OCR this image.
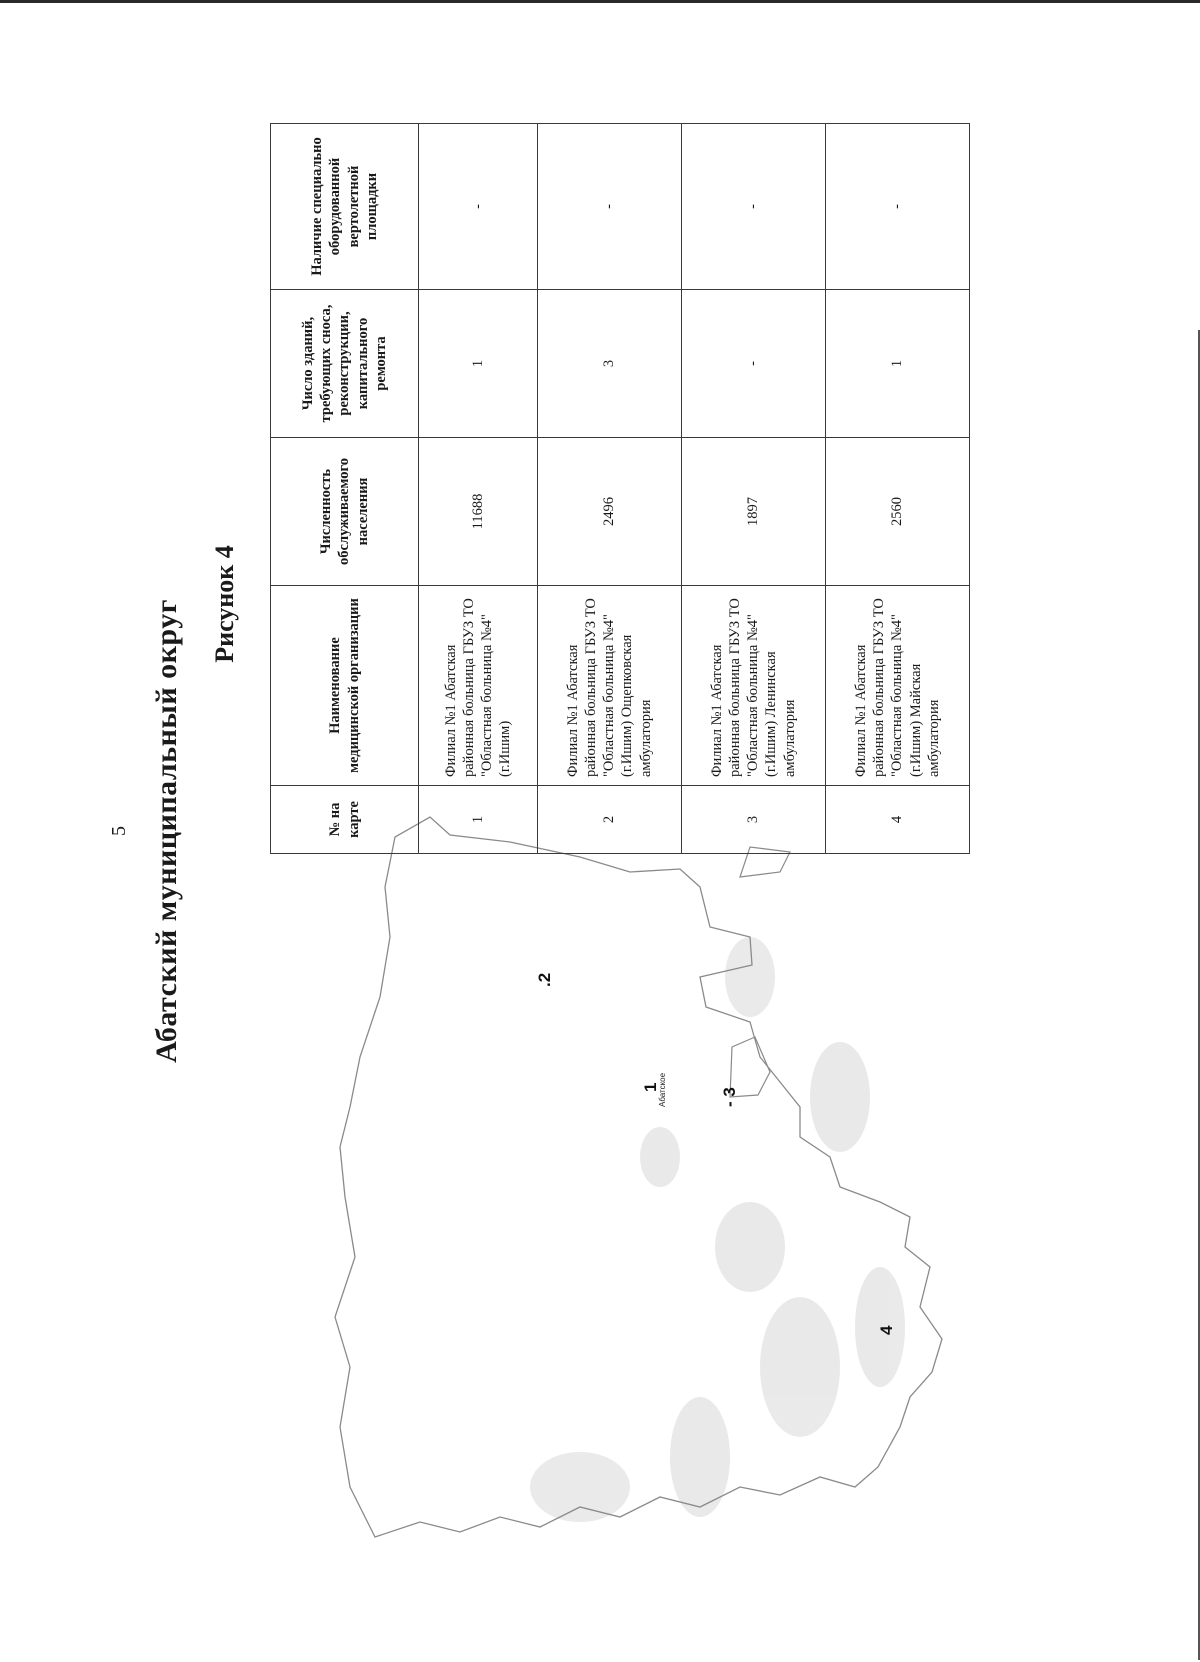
5 Абатский муниципальный округ
Абатское
1
.2
- 3
4
Рисунок 4
№ на карте	Наименование медицинской организации	Численность обслуживаемого населения	Число зданий, требующих сноса, реконструкции, капитального ремонта	Наличие специально оборудованной вертолетной площадки
1	Филиал №1 Абатская районная больница ГБУЗ ТО "Областная больница №4" (г.Ишим)	11688	1	-
2	Филиал №1 Абатская районная больница ГБУЗ ТО "Областная больница №4" (г.Ишим) Ощепковская амбулатория	2496	3	-
3	Филиал №1 Абатская районная больница ГБУЗ ТО "Областная больница №4" (г.Ишим) Ленинская амбулатория	1897	-	-
4	Филиал №1 Абатская районная больница ГБУЗ ТО "Областная больница №4" (г.Ишим) Майская амбулатория	2560	1	-
